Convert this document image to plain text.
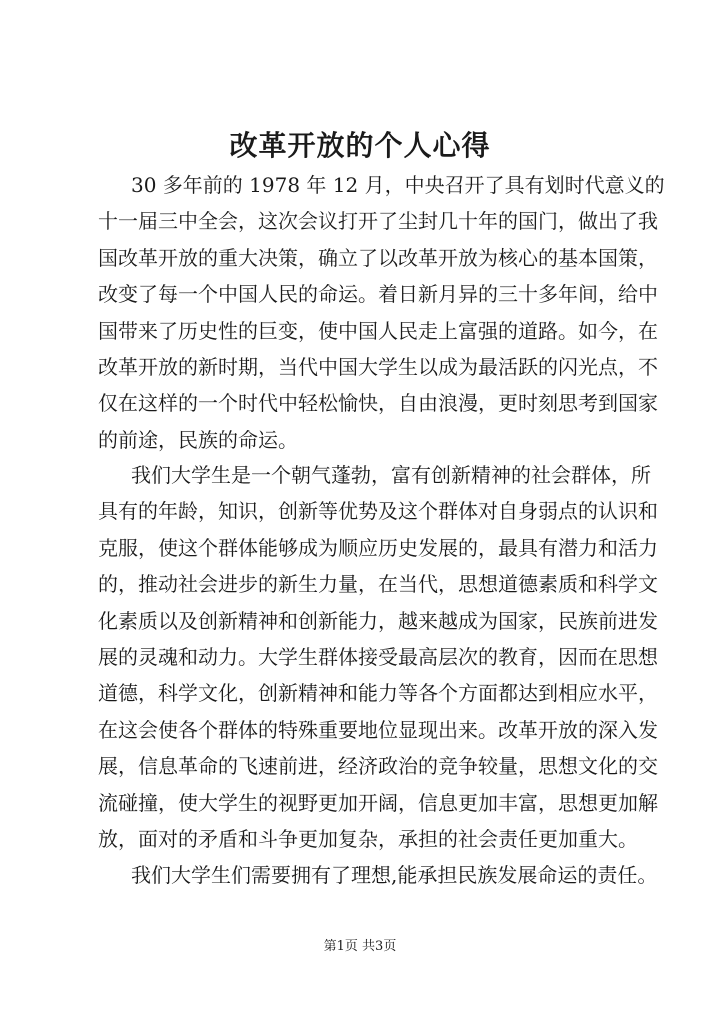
改革开放的个人心得
30 多年前的 1978 年 12 月，中央召开了具有划时代意义的
十一届三中全会，这次会议打开了尘封几十年的国门，做出了我
国改革开放的重大决策，确立了以改革开放为核心的基本国策，
改变了每一个中国人民的命运。着日新月异的三十多年间，给中
国带来了历史性的巨变，使中国人民走上富强的道路。如今，在
改革开放的新时期，当代中国大学生以成为最活跃的闪光点，不
仅在这样的一个时代中轻松愉快，自由浪漫，更时刻思考到国家
的前途，民族的命运。
我们大学生是一个朝气蓬勃，富有创新精神的社会群体，所
具有的年龄，知识，创新等优势及这个群体对自身弱点的认识和
克服，使这个群体能够成为顺应历史发展的，最具有潜力和活力
的，推动社会进步的新生力量，在当代，思想道德素质和科学文
化素质以及创新精神和创新能力，越来越成为国家，民族前进发
展的灵魂和动力。大学生群体接受最高层次的教育，因而在思想
道德，科学文化，创新精神和能力等各个方面都达到相应水平，
在这会使各个群体的特殊重要地位显现出来。改革开放的深入发
展，信息革命的飞速前进，经济政治的竞争较量，思想文化的交
流碰撞，使大学生的视野更加开阔，信息更加丰富，思想更加解
放，面对的矛盾和斗争更加复杂，承担的社会责任更加重大。
我们大学生们需要拥有了理想,能承担民族发展命运的责任。
第1页 共3页
